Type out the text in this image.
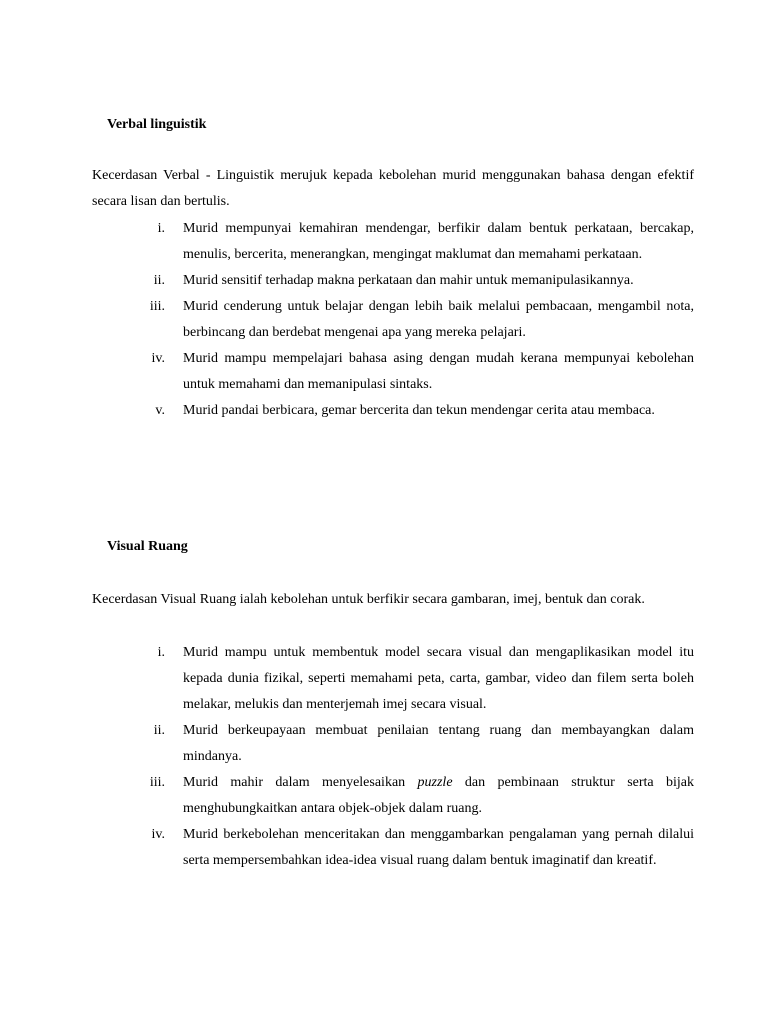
Verbal linguistik

Kecerdasan Verbal - Linguistik merujuk kepada kebolehan murid menggunakan bahasa dengan efektif secara lisan dan bertulis.

i. Murid mempunyai kemahiran mendengar, berfikir dalam bentuk perkataan, bercakap, menulis, bercerita, menerangkan, mengingat maklumat dan memahami perkataan.
ii. Murid sensitif terhadap makna perkataan dan mahir untuk memanipulasikannya.
iii. Murid cenderung untuk belajar dengan lebih baik melalui pembacaan, mengambil nota, berbincang dan berdebat mengenai apa yang mereka pelajari.
iv. Murid mampu mempelajari bahasa asing dengan mudah kerana mempunyai kebolehan untuk memahami dan memanipulasi sintaks.
v. Murid pandai berbicara, gemar bercerita dan tekun mendengar cerita atau membaca.
Visual Ruang

Kecerdasan Visual Ruang ialah kebolehan untuk berfikir secara gambaran, imej, bentuk dan corak.

i. Murid mampu untuk membentuk model secara visual dan mengaplikasikan model itu kepada dunia fizikal, seperti memahami peta, carta, gambar, video dan filem serta boleh melakar, melukis dan menterjemah imej secara visual.
ii. Murid berkeupayaan membuat penilaian tentang ruang dan membayangkan dalam mindanya.
iii. Murid mahir dalam menyelesaikan puzzle dan pembinaan struktur serta bijak menghubungkaitkan antara objek-objek dalam ruang.
iv. Murid berkebolehan menceritakan dan menggambarkan pengalaman yang pernah dilalui serta mempersembahkan idea-idea visual ruang dalam bentuk imaginatif dan kreatif.
